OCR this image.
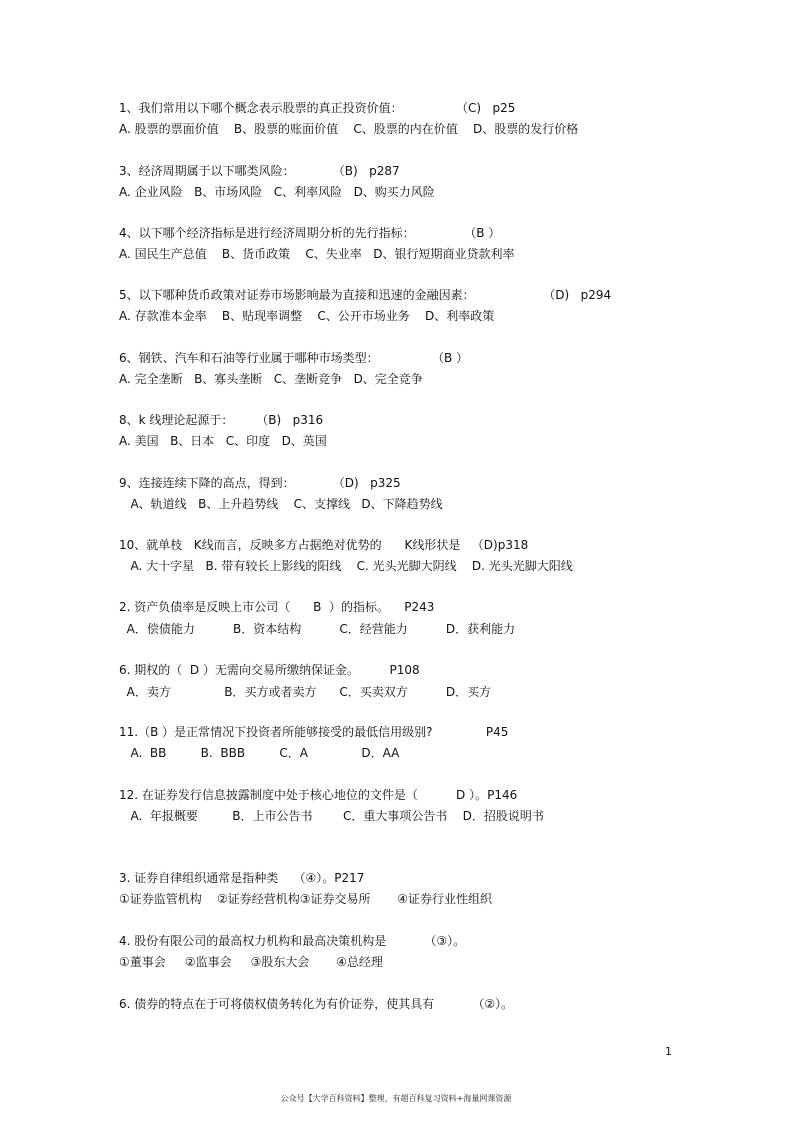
1、我们常用以下哪个概念表示股票的真正投资价值：              （C)   p25
A. 股票的票面价值    B、股票的账面价值    C、股票的内在价值    D、股票的发行价格
3、经济周期属于以下哪类风险：          （B)   p287
A. 企业风险   B、市场风险   C、利率风险   D、购买力风险
4、以下哪个经济指标是进行经济周期分析的先行指标：             （B ）
A. 国民生产总值    B、货币政策    C、失业率   D、银行短期商业贷款利率
5、以下哪种货币政策对证券市场影响最为直接和迅速的金融因素：                  （D)   p294
A. 存款准本金率    B、贴现率调整    C、公开市场业务    D、利率政策
6、钢铁、汽车和石油等行业属于哪种市场类型：              （B ）
A. 完全垄断   B、寡头垄断   C、垄断竞争   D、完全竞争
8、k 线理论起源于：      （B)   p316
A. 美国   B、日本   C、印度   D、英国
9、连接连续下降的高点，得到：          （D)   p325
A、轨道线   B、上升趋势线    C、支撑线   D、下降趋势线
10、就单枝   K线而言，反映多方占据绝对优势的      K线形状是   （D)p318
A. 大十字星   B. 带有较长上影线的阳线    C. 光头光脚大阴线    D. 光头光脚大阳线
2. 资产负债率是反映上市公司（      B  ）的指标。    P243
A．偿债能力          B．资本结构          C．经营能力          D．获利能力
6. 期权的（  D ）无需向交易所缴纳保证金。        P108
A．卖方              B．买方或者卖方      C．买卖双方          D．买方
11.（B ）是正常情况下投资者所能够接受的最低信用级别?              P45
A.  BB         B.  BBB         C．A              D．AA
12. 在证券发行信息披露制度中处于核心地位的文件是（          D ）。P146
A.  年报概要         B．上市公告书        C．重大事项公告书    D．招股说明书
3. 证券自律组织通常是指种类    （④）。P217
①证券监管机构    ②证券经营机构③证券交易所       ④证券行业性组织
4. 股份有限公司的最高权力机构和最高决策机构是          （③）。
①董事会     ②监事会     ③股东大会       ④总经理
6. 债券的特点在于可将债权债务转化为有价证券，使其具有          （②）。
1
公众号【大学百科资料】整理，有超百科复习资料+海量网课资源
